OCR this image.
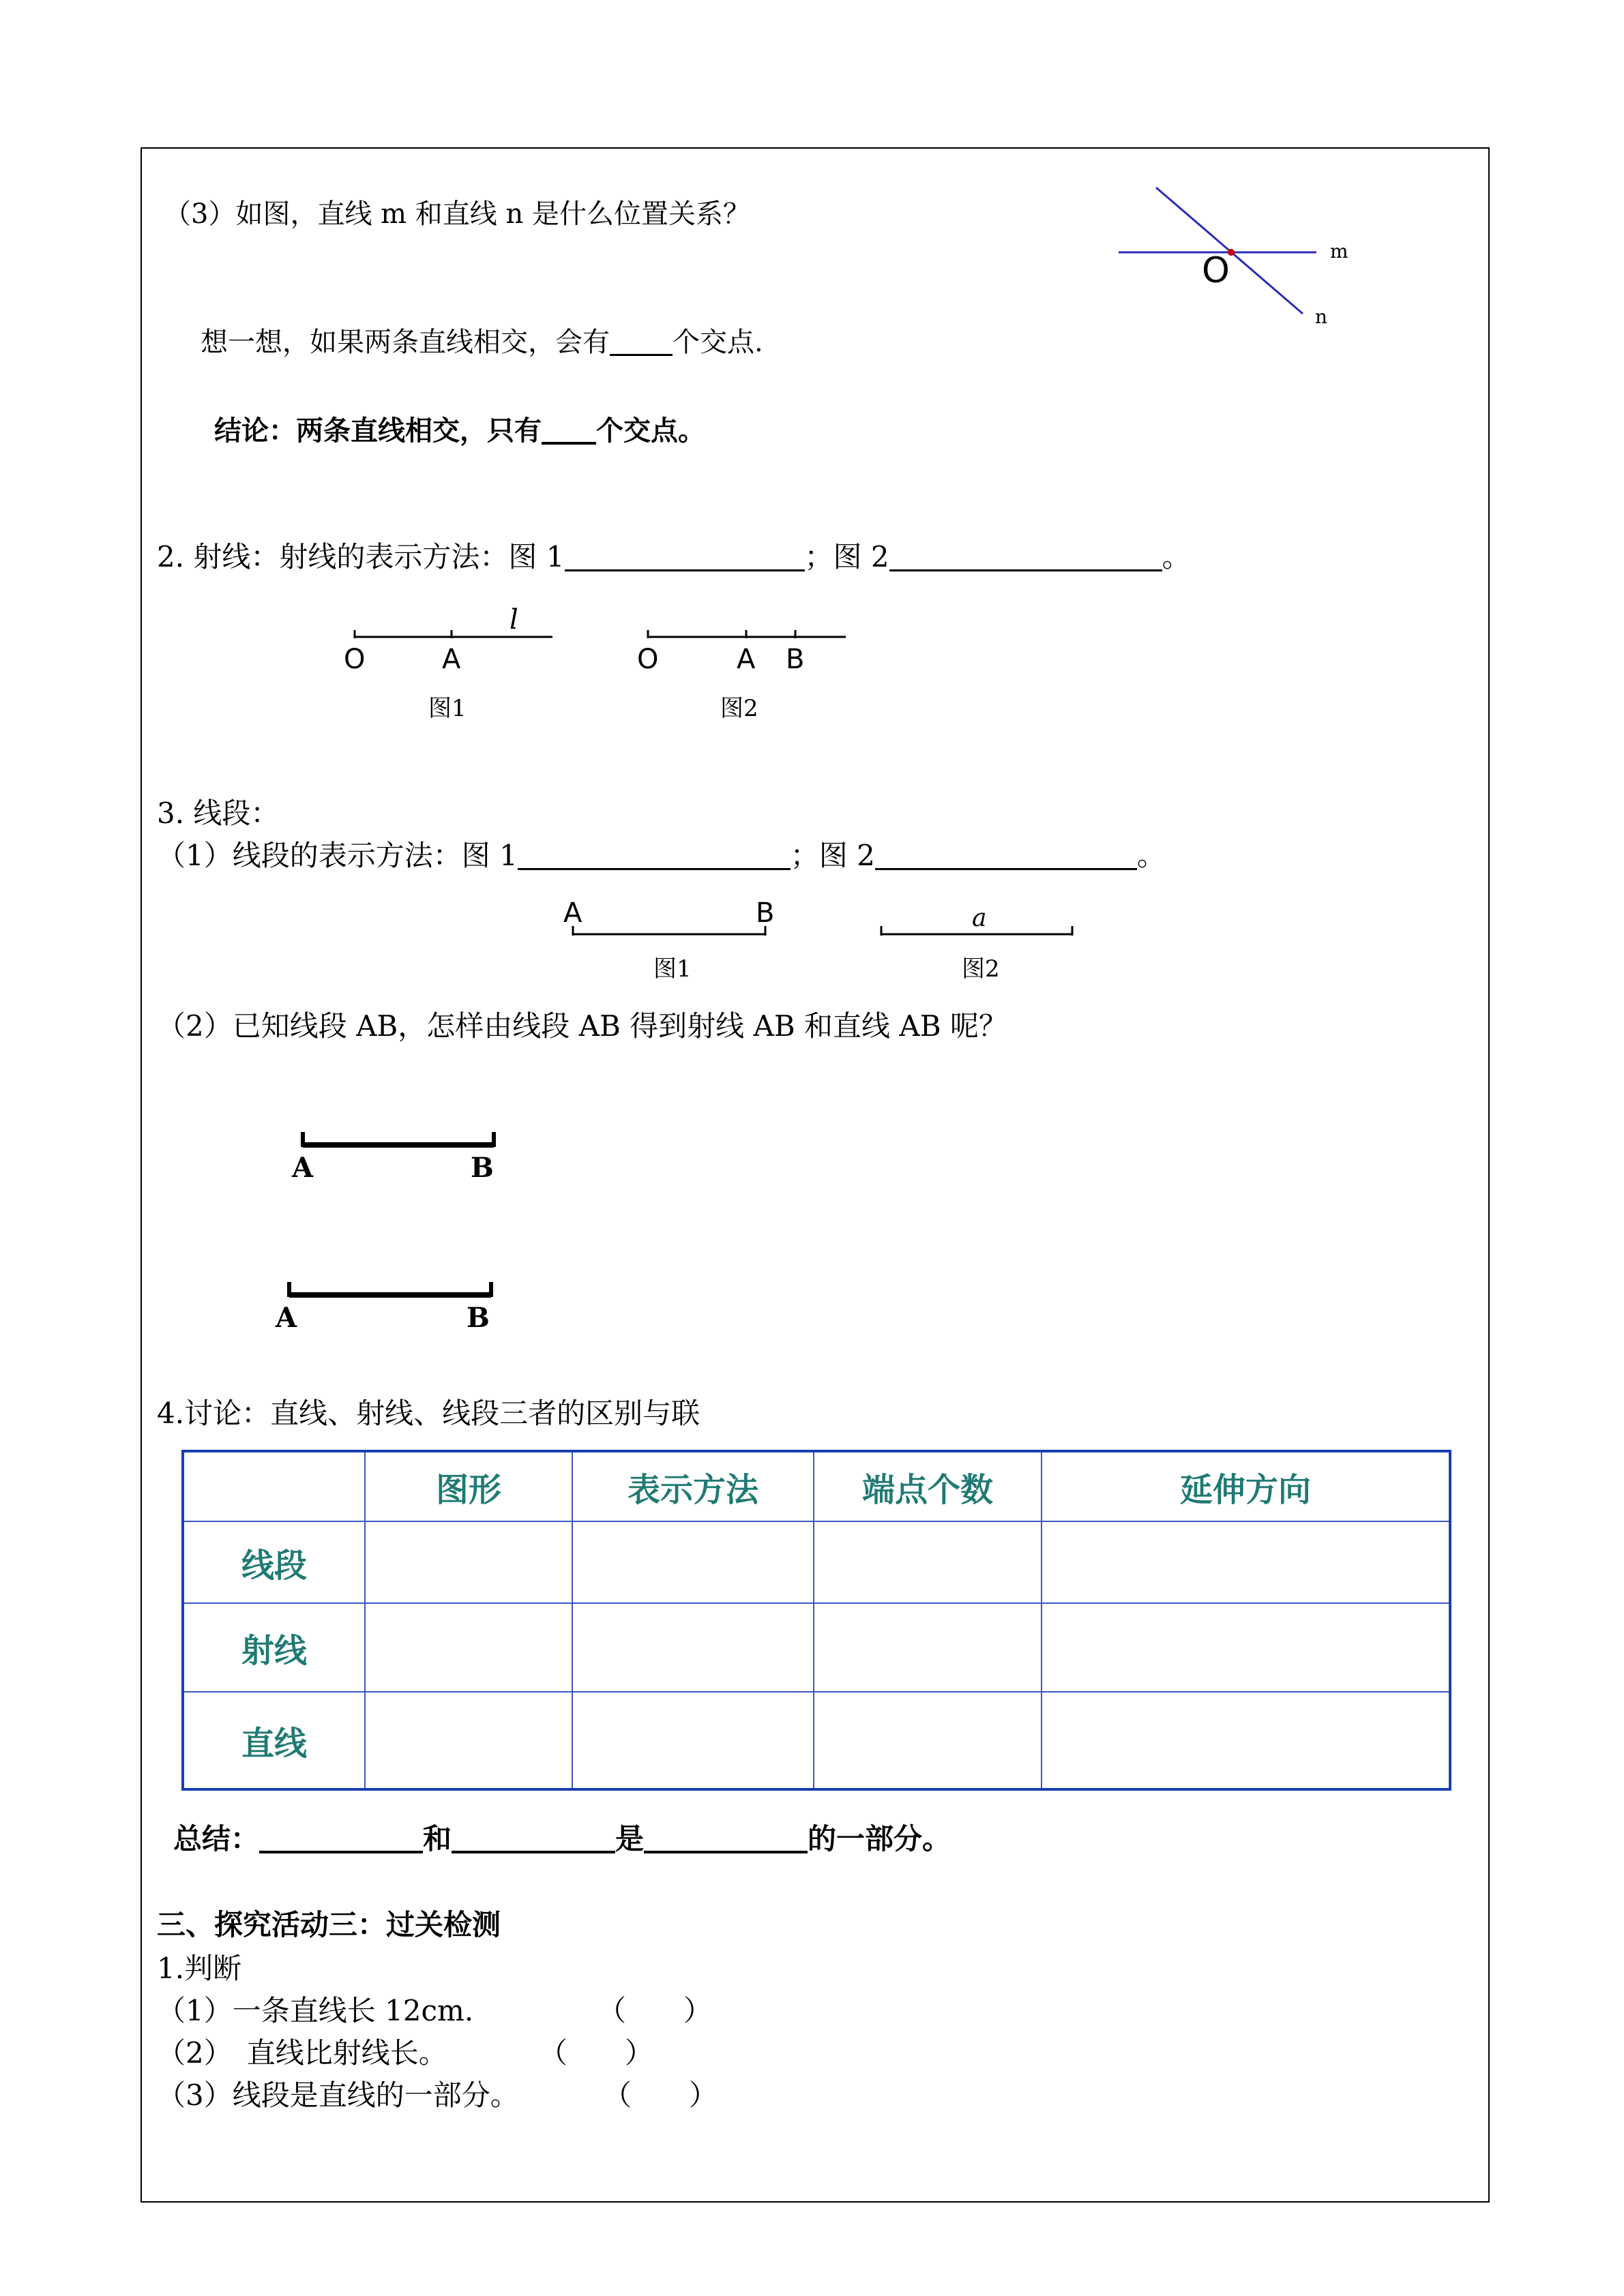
（3）如图，直线 m 和直线 n 是什么位置关系？
m
n
O
想一想，如果两条直线相交，会有 个交点.
结论：两条直线相交，只有 个交点。
2. 射线：射线的表示方法：图 1	；图 2	。
O	A
l
图1
O	A B
图2
3. 线段：
（1）线段的表示方法：图 1	；图 2	。
A	B
图1
a
图2
（2）已知线段 AB，怎样由线段 AB 得到射线 AB 和直线 AB 呢？
A	B
A	B
4.讨论：直线、射线、线段三者的区别与联
	图形	表示方法	端点个数	延伸方向
线段				
射线				
直线				
总结：	和	是	的一部分。
三、探究活动三：过关检测
1.判断
（1）一条直线长 12cm.	（　　）
（2）　直线比射线长。	（　　）
（3）线段是直线的一部分。	（　　）
